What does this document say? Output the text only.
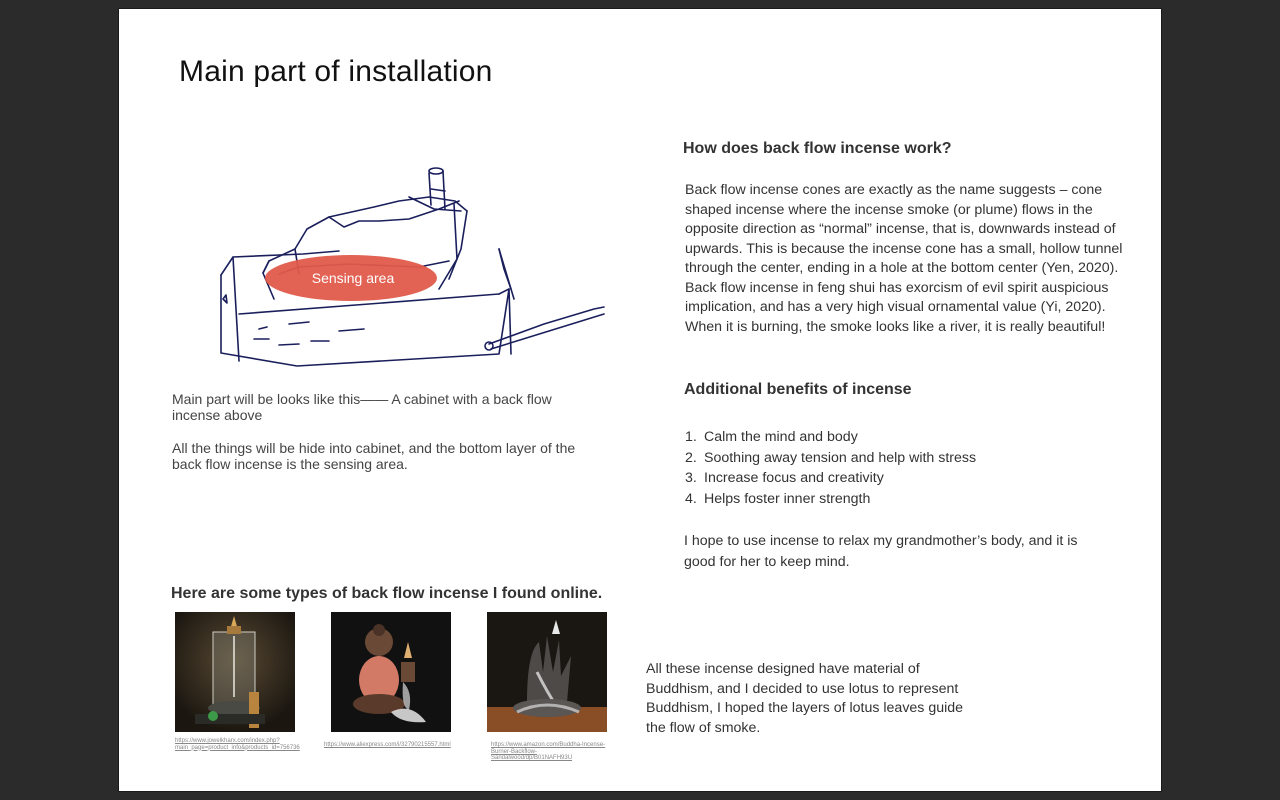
Main part of installation
Sensing area
Main part will be looks like this—— A cabinet with a back flow incense above
All the things will be hide into cabinet, and the bottom layer of the back flow incense is the sensing area.
How does back flow incense work?
Back flow incense cones are exactly as the name suggests – cone shaped incense where the incense smoke (or plume) flows in the opposite direction as “normal” incense, that is, downwards instead of upwards. This is because the incense cone has a small, hollow tunnel through the center, ending in a hole at the bottom center (Yen, 2020). Back flow incense in feng shui has exorcism of evil spirit auspicious implication, and has a very high visual ornamental value (Yi, 2020). When it is burning, the smoke looks like a river, it is really beautiful!
Additional benefits of incense
1. Calm the mind and body
2. Soothing away tension and help with stress
3. Increase focus and creativity
4. Helps foster inner strength
I hope to use incense to relax my grandmother’s body, and it is good for her to keep mind.
Here are some types of back flow incense I found online.
https://www.jowelkharx.com/index.php?main_page=product_info&products_id=756736	https://www.aliexpress.com/i/32790215557.html	https://www.amazon.com/Buddha-Incense-Burner-Backflow-Sandalwood/dp/B01NAFH93U
All these incense designed have material of Buddhism, and I decided to use lotus to represent Buddhism, I hoped the layers of lotus leaves guide the flow of smoke.
